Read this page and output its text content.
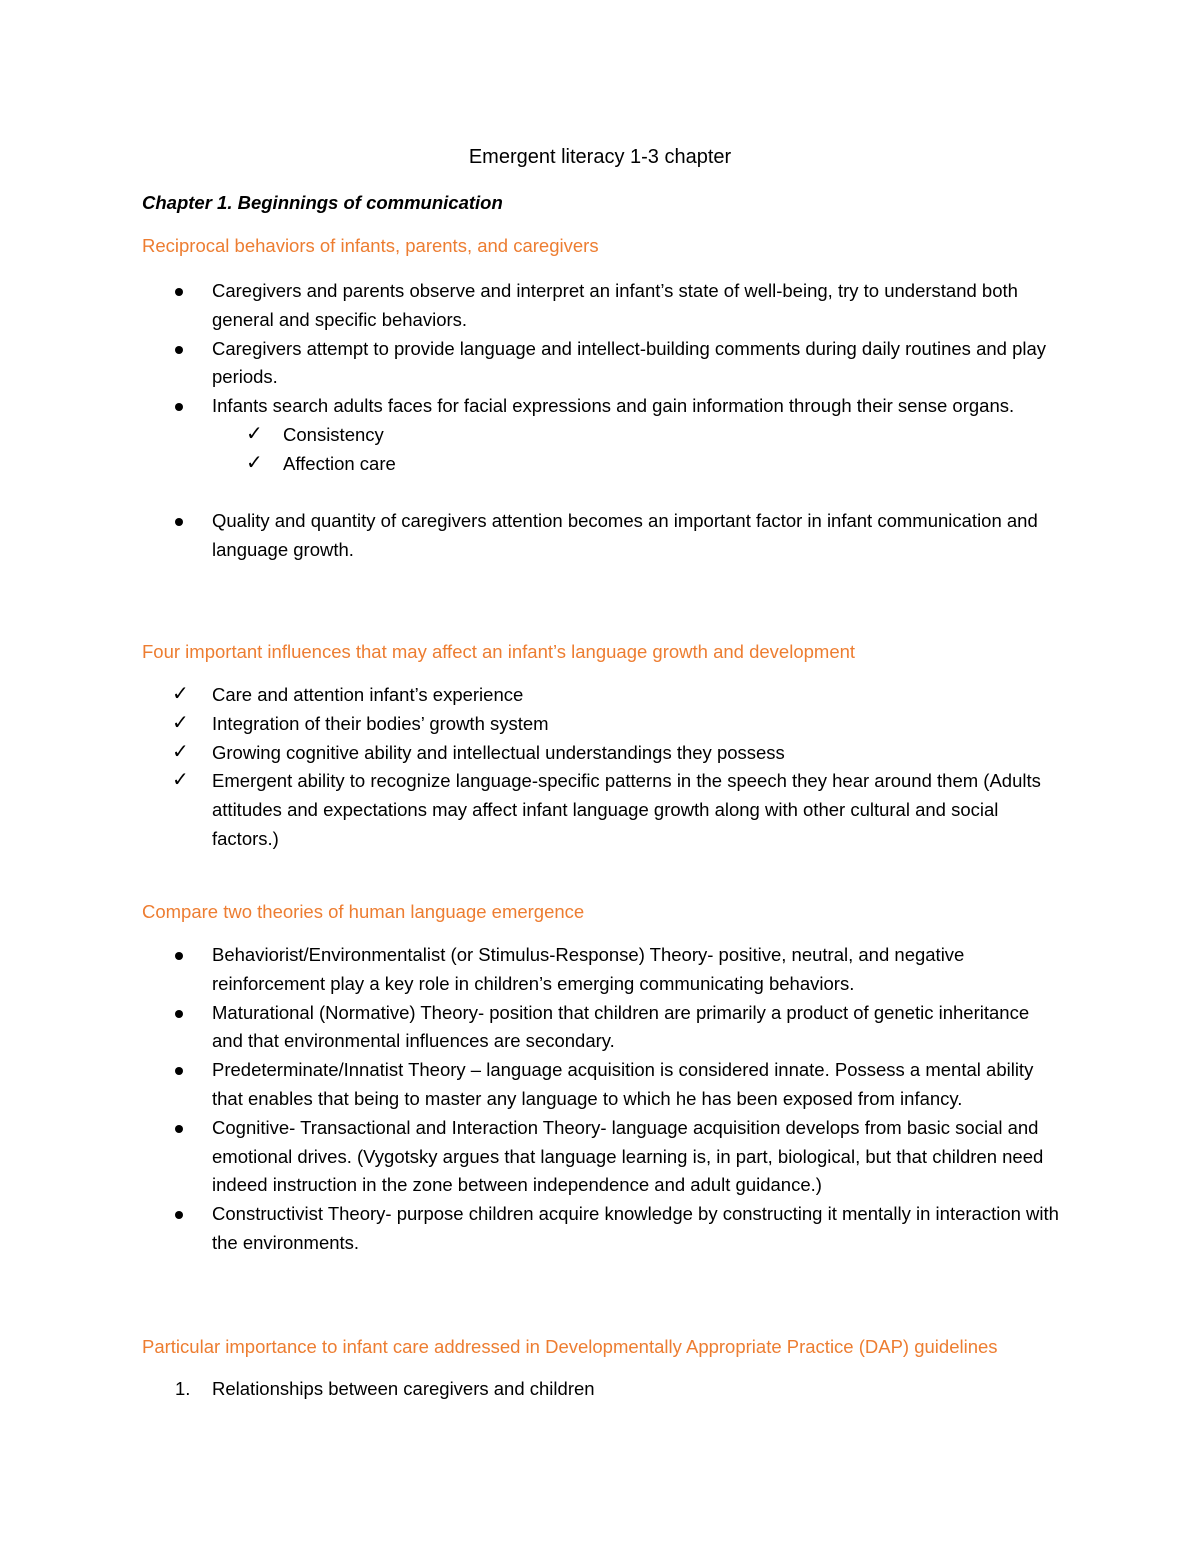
Emergent literacy 1-3 chapter
Chapter 1. Beginnings of communication
Reciprocal behaviors of infants, parents, and caregivers
Caregivers and parents observe and interpret an infant’s state of well-being, try to understand both general and specific behaviors.
Caregivers attempt to provide language and intellect-building comments during daily routines and play periods.
Infants search adults faces for facial expressions and gain information through their sense organs.
✓	Consistency
✓	Affection care
Quality and quantity of caregivers attention becomes an important factor in infant communication and language growth.
Four important influences that may affect an infant’s language growth and development
✓ Care and attention infant’s experience
✓ Integration of their bodies’ growth system
✓ Growing cognitive ability and intellectual understandings they possess
✓ Emergent ability to recognize language-specific patterns in the speech they hear around them (Adults attitudes and expectations may affect infant language growth along with other cultural and social factors.)
Compare two theories of human language emergence
Behaviorist/Environmentalist (or Stimulus-Response) Theory- positive, neutral, and negative reinforcement play a key role in children’s emerging communicating behaviors.
Maturational (Normative) Theory- position that children are primarily a product of genetic inheritance and that environmental influences are secondary.
Predeterminate/Innatist Theory – language acquisition is considered innate. Possess a mental ability that enables that being to master any language to which he has been exposed from infancy.
Cognitive- Transactional and Interaction Theory- language acquisition develops from basic social and emotional drives. (Vygotsky argues that language learning is, in part, biological, but that children need indeed instruction in the zone between independence and adult guidance.)
Constructivist Theory- purpose children acquire knowledge by constructing it mentally in interaction with the environments.
Particular importance to infant care addressed in Developmentally Appropriate Practice (DAP) guidelines
1. Relationships between caregivers and children
